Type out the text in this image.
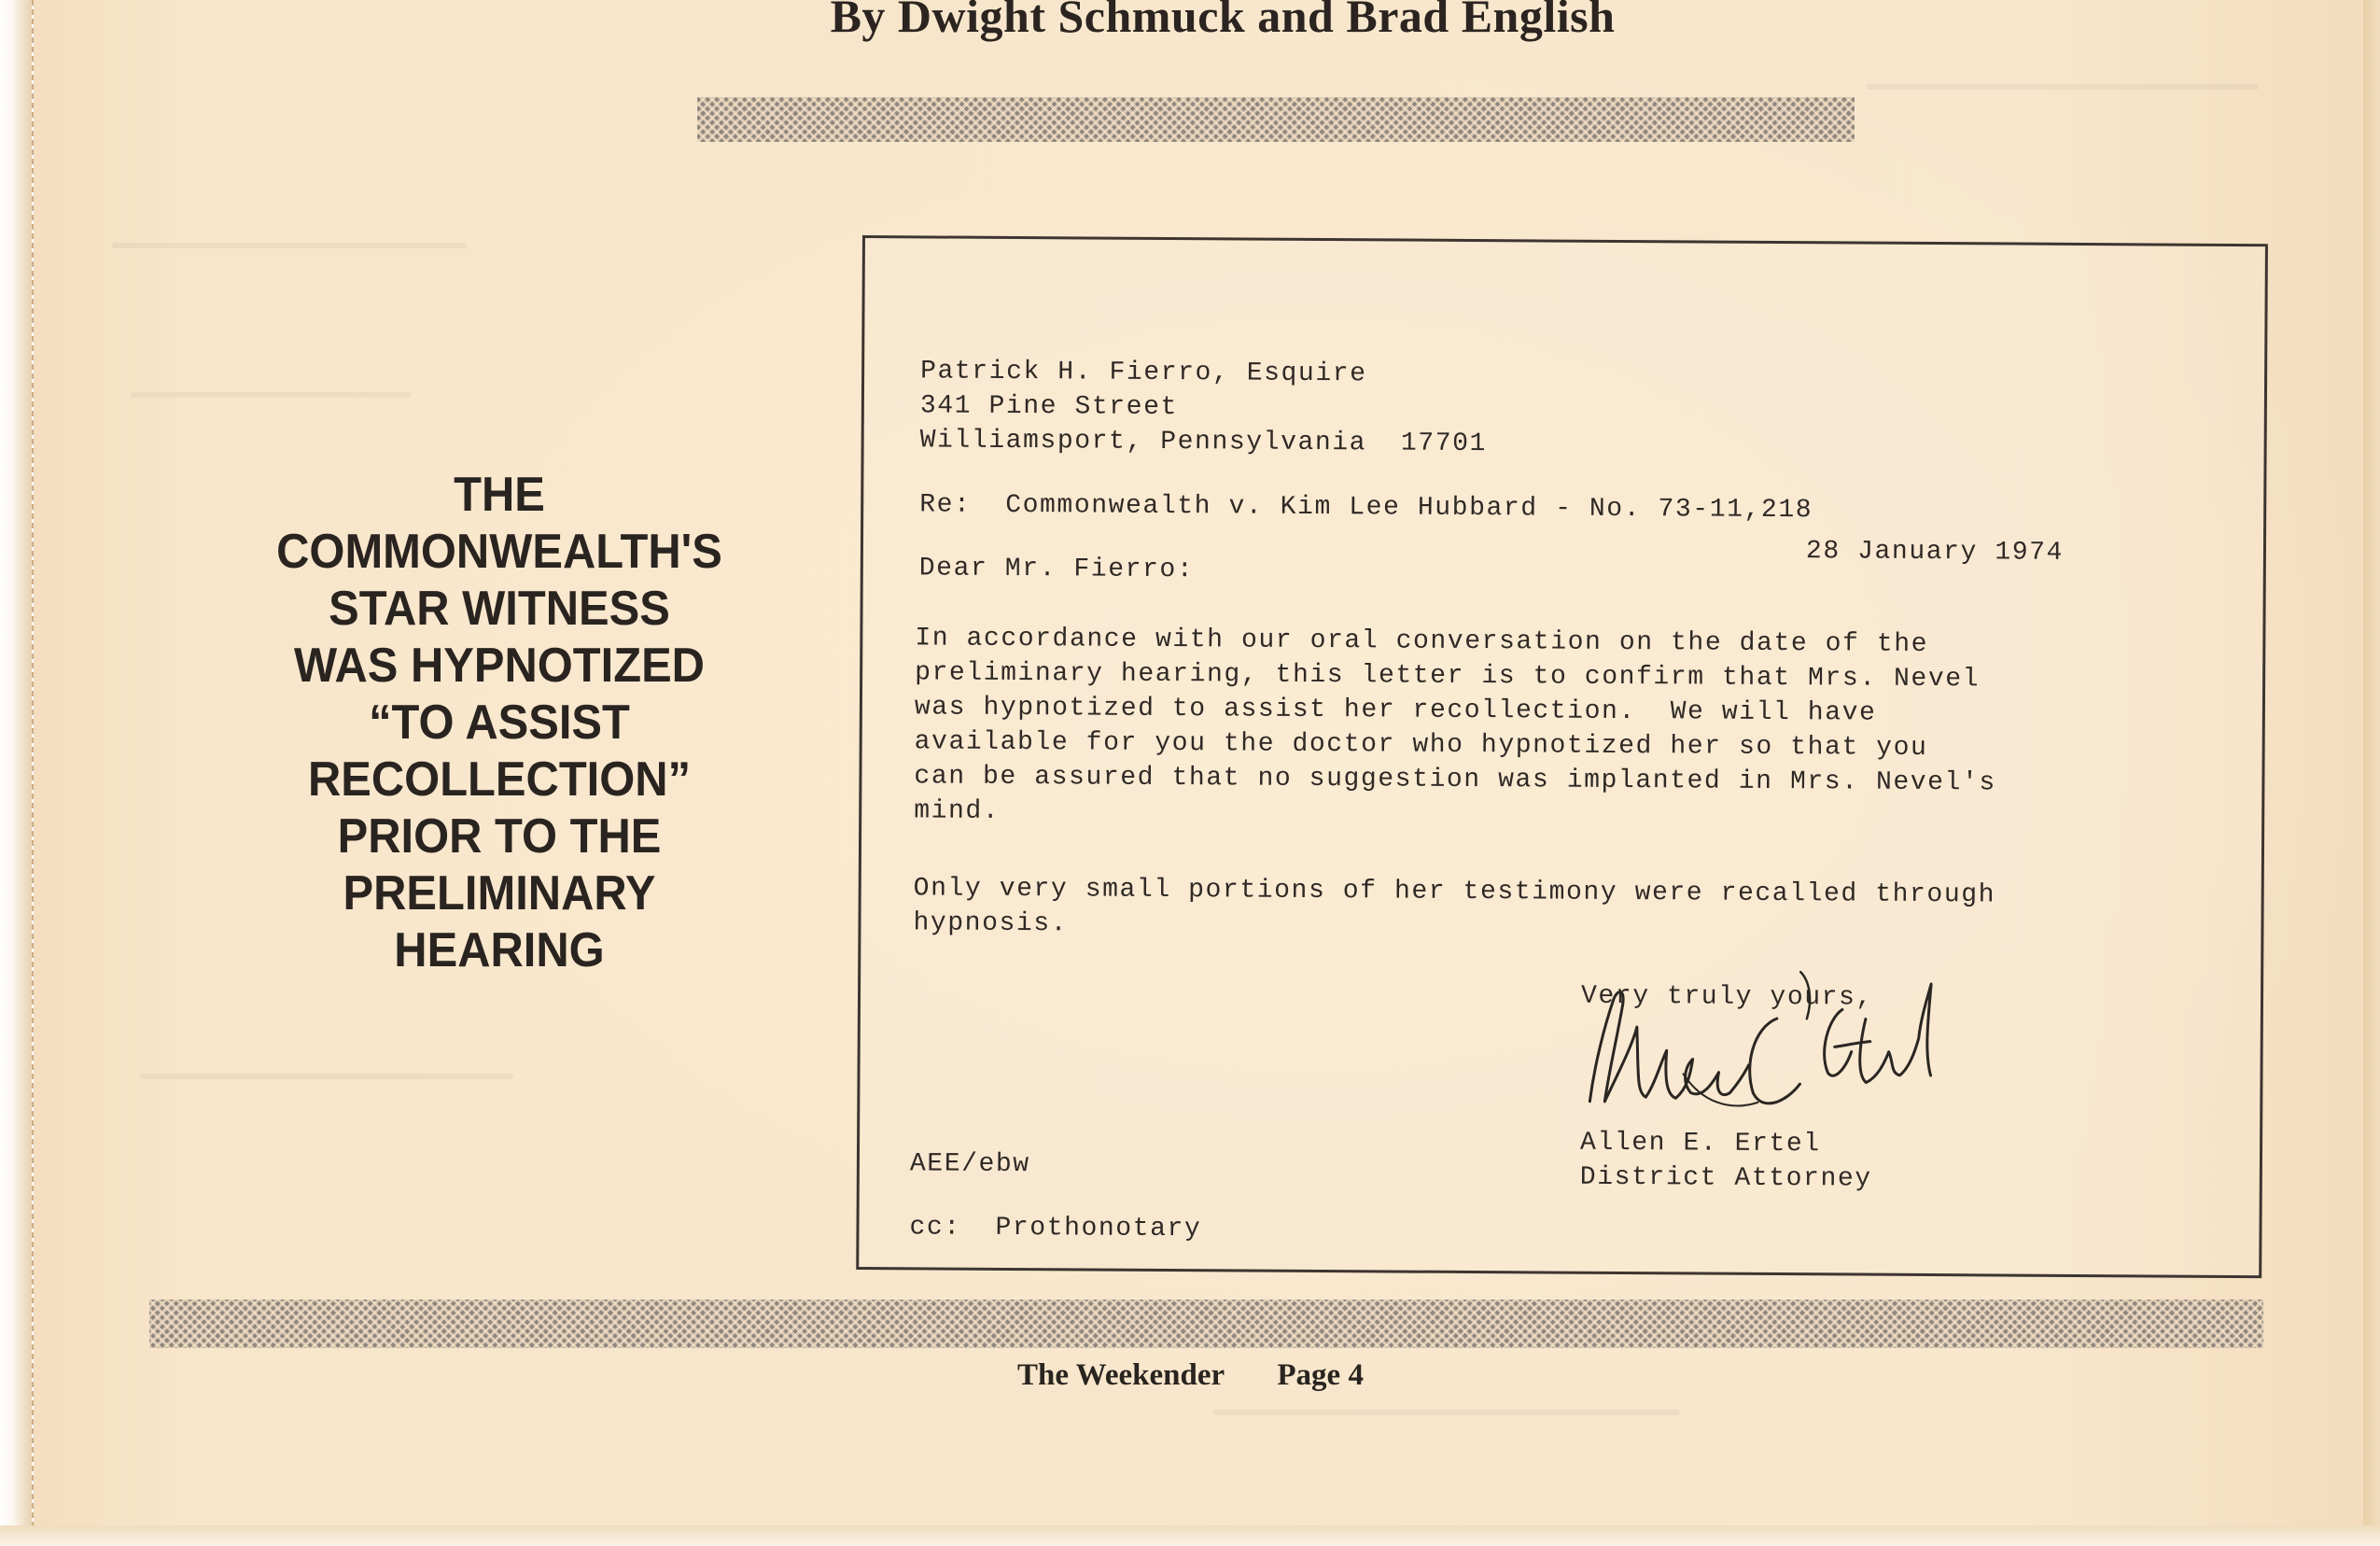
By Dwight Schmuck and Brad English
THE
COMMONWEALTH'S
STAR WITNESS
WAS HYPNOTIZED
“TO ASSIST
RECOLLECTION”
PRIOR TO THE
PRELIMINARY
HEARING
28 January 1974
Patrick H. Fierro, Esquire
341 Pine Street
Williamsport, Pennsylvania  17701
Re:  Commonwealth v. Kim Lee Hubbard - No. 73-11,218
Dear Mr. Fierro:
In accordance with our oral conversation on the date of the
preliminary hearing, this letter is to confirm that Mrs. Nevel
was hypnotized to assist her recollection.  We will have
available for you the doctor who hypnotized her so that you
can be assured that no suggestion was implanted in Mrs. Nevel's
mind.
Only very small portions of her testimony were recalled through
hypnosis.
Very truly yours,
Allen E. Ertel
District Attorney
AEE/ebw
cc:  Prothonotary
The Weekender Page 4
